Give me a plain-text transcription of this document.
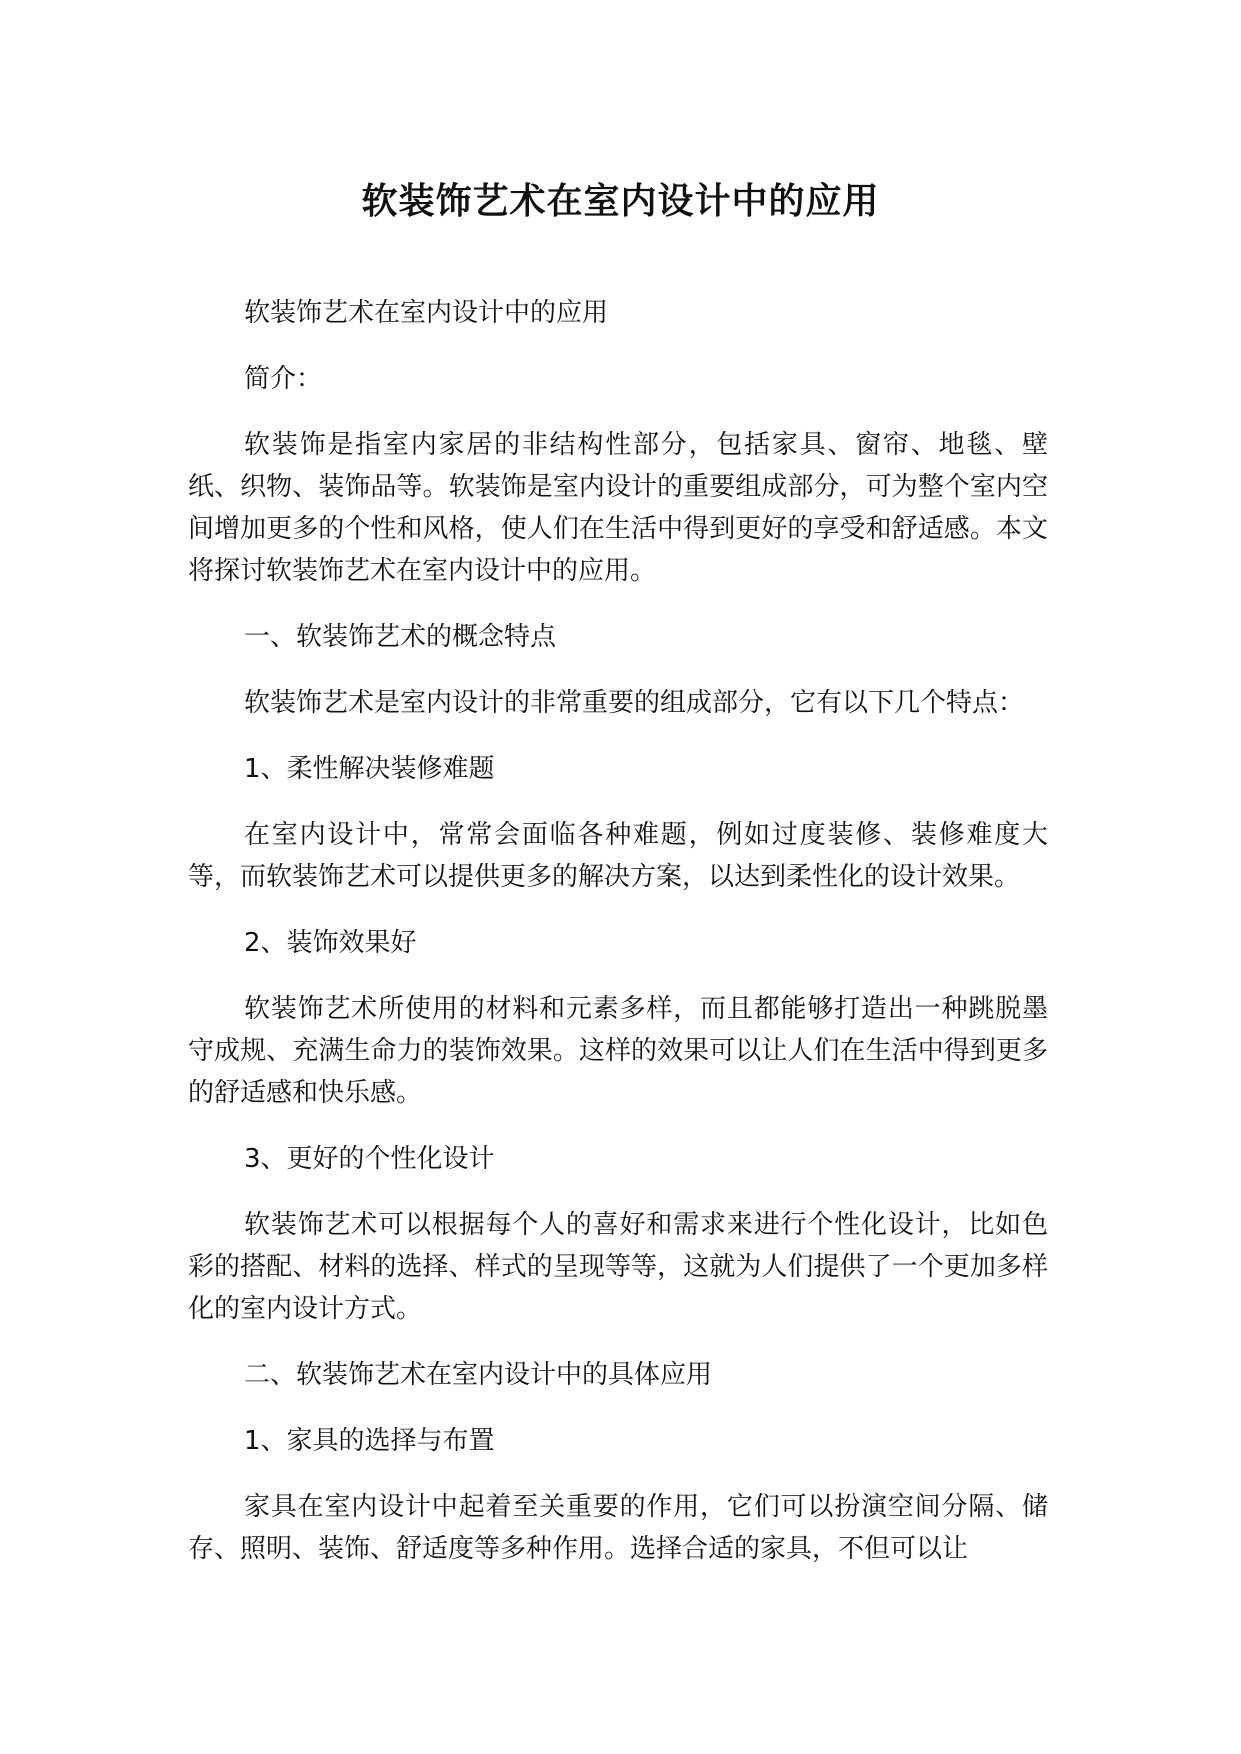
软装饰艺术在室内设计中的应用

软装饰艺术在室内设计中的应用

简介：

软装饰是指室内家居的非结构性部分，包括家具、窗帘、地毯、壁纸、织物、装饰品等。软装饰是室内设计的重要组成部分，可为整个室内空间增加更多的个性和风格，使人们在生活中得到更好的享受和舒适感。本文将探讨软装饰艺术在室内设计中的应用。

一、软装饰艺术的概念特点

软装饰艺术是室内设计的非常重要的组成部分，它有以下几个特点：

1、柔性解决装修难题

在室内设计中，常常会面临各种难题，例如过度装修、装修难度大等，而软装饰艺术可以提供更多的解决方案，以达到柔性化的设计效果。

2、装饰效果好

软装饰艺术所使用的材料和元素多样，而且都能够打造出一种跳脱墨守成规、充满生命力的装饰效果。这样的效果可以让人们在生活中得到更多的舒适感和快乐感。

3、更好的个性化设计

软装饰艺术可以根据每个人的喜好和需求来进行个性化设计，比如色彩的搭配、材料的选择、样式的呈现等等，这就为人们提供了一个更加多样化的室内设计方式。

二、软装饰艺术在室内设计中的具体应用

1、家具的选择与布置

家具在室内设计中起着至关重要的作用，它们可以扮演空间分隔、储存、照明、装饰、舒适度等多种作用。选择合适的家具，不但可以让
